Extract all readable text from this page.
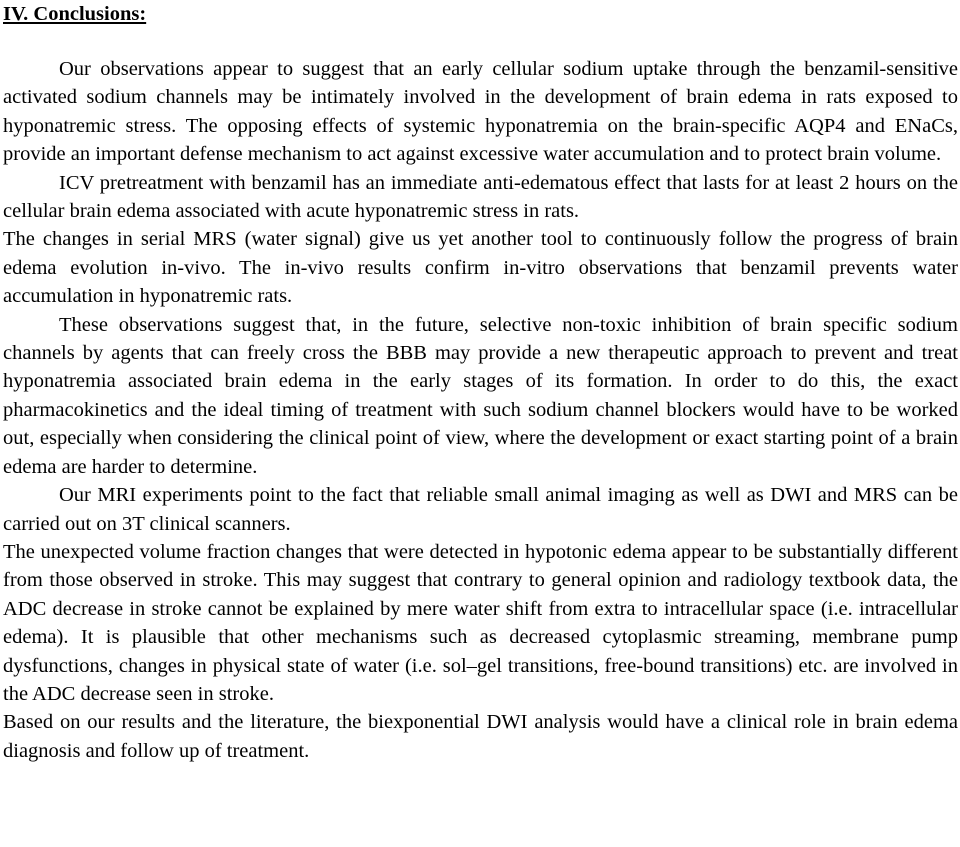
IV. Conclusions:

Our observations appear to suggest that an early cellular sodium uptake through the benzamil-sensitive activated sodium channels may be intimately involved in the development of brain edema in rats exposed to hyponatremic stress. The opposing effects of systemic hyponatremia on the brain-specific AQP4 and ENaCs, provide an important defense mechanism to act against excessive water accumulation and to protect brain volume.

ICV pretreatment with benzamil has an immediate anti-edematous effect that lasts for at least 2 hours on the cellular brain edema associated with acute hyponatremic stress in rats.

The changes in serial MRS (water signal) give us yet another tool to continuously follow the progress of brain edema evolution in-vivo. The in-vivo results confirm in-vitro observations that benzamil prevents water accumulation in hyponatremic rats.

These observations suggest that, in the future, selective non-toxic inhibition of brain specific sodium channels by agents that can freely cross the BBB may provide a new therapeutic approach to prevent and treat hyponatremia associated brain edema in the early stages of its formation. In order to do this, the exact pharmacokinetics and the ideal timing of treatment with such sodium channel blockers would have to be worked out, especially when considering the clinical point of view, where the development or exact starting point of a brain edema are harder to determine.

Our MRI experiments point to the fact that reliable small animal imaging as well as DWI and MRS can be carried out on 3T clinical scanners.

The unexpected volume fraction changes that were detected in hypotonic edema appear to be substantially different from those observed in stroke. This may suggest that contrary to general opinion and radiology textbook data, the ADC decrease in stroke cannot be explained by mere water shift from extra to intracellular space (i.e. intracellular edema). It is plausible that other mechanisms such as decreased cytoplasmic streaming, membrane pump dysfunctions, changes in physical state of water (i.e. sol–gel transitions, free-bound transitions) etc. are involved in the ADC decrease seen in stroke.

Based on our results and the literature, the biexponential DWI analysis would have a clinical role in brain edema diagnosis and follow up of treatment.
